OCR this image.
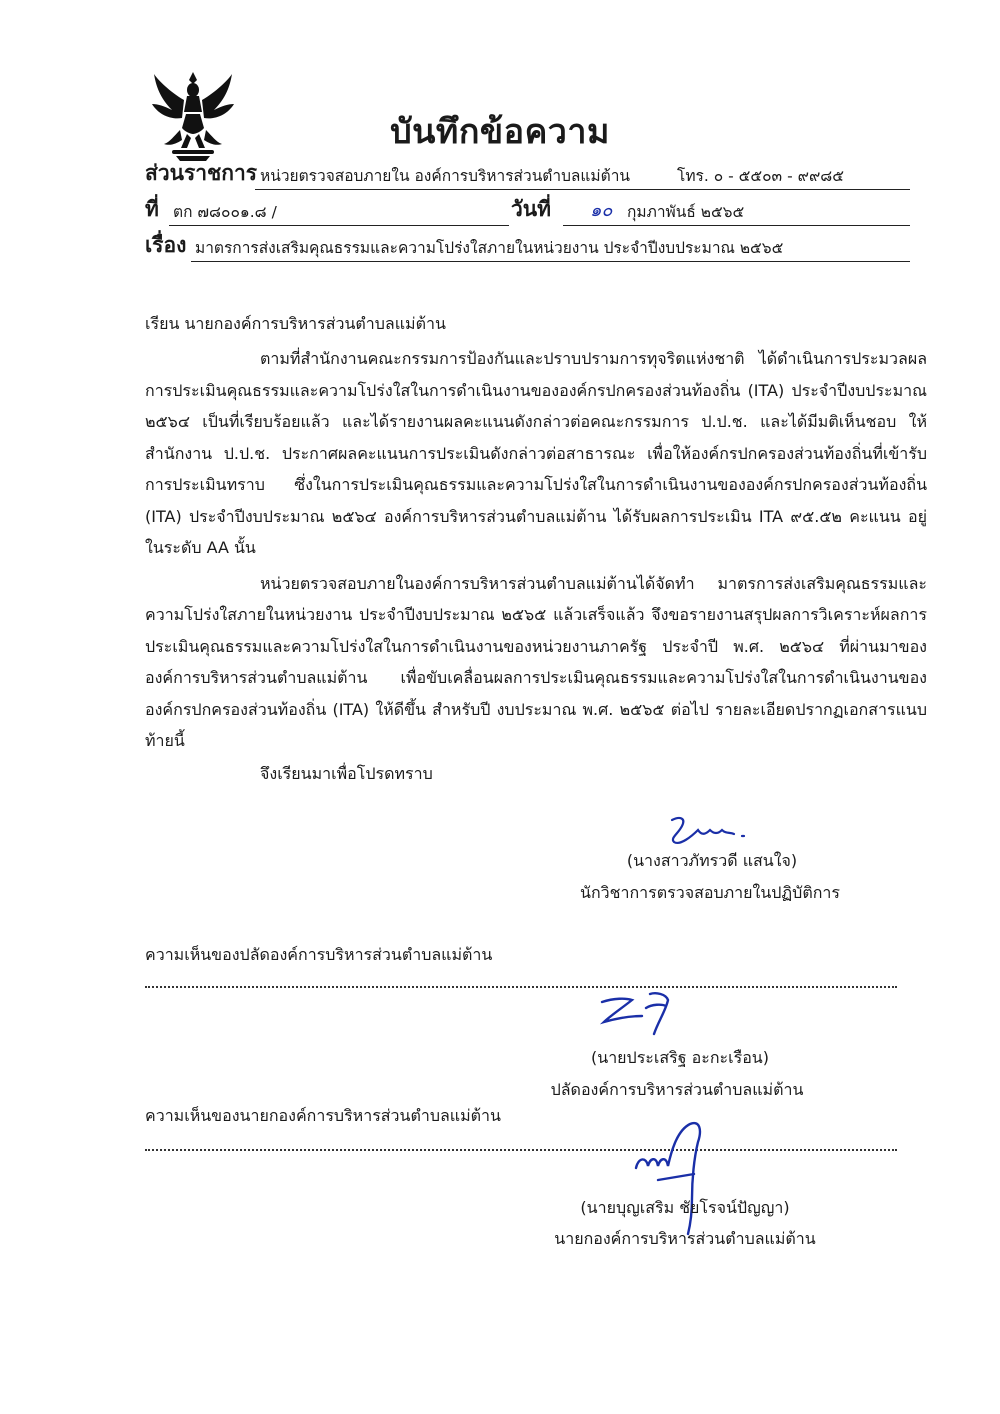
บันทึกข้อความ
ส่วนราชการ หน่วยตรวจสอบภายใน องค์การบริหารส่วนตำบลแม่ต้าน	โทร. ๐ - ๕๕๐๓ - ๙๙๘๕
ที่ ตก ๗๘๐๐๑.๘ /	วันที่ ๑๐ กุมภาพันธ์ ๒๕๖๕
เรื่อง มาตรการส่งเสริมคุณธรรมและความโปร่งใสภายในหน่วยงาน ประจำปีงบประมาณ ๒๕๖๕
เรียน นายกองค์การบริหารส่วนตำบลแม่ต้าน

ตามที่สำนักงานคณะกรรมการป้องกันและปราบปรามการทุจริตแห่งชาติ ได้ดำเนินการประมวลผลการประเมินคุณธรรมและความโปร่งใสในการดำเนินงานขององค์กรปกครองส่วนท้องถิ่น (ITA) ประจำปีงบประมาณ ๒๕๖๔ เป็นที่เรียบร้อยแล้ว และได้รายงานผลคะแนนดังกล่าวต่อคณะกรรมการ ป.ป.ช. และได้มีมติเห็นชอบ ให้สำนักงาน ป.ป.ช. ประกาศผลคะแนนการประเมินดังกล่าวต่อสาธารณะ เพื่อให้องค์กรปกครองส่วนท้องถิ่นที่เข้ารับการประเมินทราบ ซึ่งในการประเมินคุณธรรมและความโปร่งใสในการดำเนินงานขององค์กรปกครองส่วนท้องถิ่น (ITA) ประจำปีงบประมาณ ๒๕๖๔ องค์การบริหารส่วนตำบลแม่ต้าน ได้รับผลการประเมิน ITA ๙๕.๕๒ คะแนน อยู่ในระดับ AA นั้น

หน่วยตรวจสอบภายในองค์การบริหารส่วนตำบลแม่ต้านได้จัดทำ มาตรการส่งเสริมคุณธรรมและความโปร่งใสภายในหน่วยงาน ประจำปีงบประมาณ ๒๕๖๕ แล้วเสร็จแล้ว จึงขอรายงานสรุปผลการวิเคราะห์ผลการประเมินคุณธรรมและความโปร่งใสในการดำเนินงานของหน่วยงานภาครัฐ ประจำปี พ.ศ. ๒๕๖๔ ที่ผ่านมาขององค์การบริหารส่วนตำบลแม่ต้าน เพื่อขับเคลื่อนผลการประเมินคุณธรรมและความโปร่งใสในการดำเนินงานขององค์กรปกครองส่วนท้องถิ่น (ITA) ให้ดีขึ้น สำหรับปี งบประมาณ พ.ศ. ๒๕๖๕ ต่อไป รายละเอียดปรากฏเอกสารแนบท้ายนี้

จึงเรียนมาเพื่อโปรดทราบ
(นางสาวภัทรวดี แสนใจ)
นักวิชาการตรวจสอบภายในปฏิบัติการ
ความเห็นของปลัดองค์การบริหารส่วนตำบลแม่ต้าน
(นายประเสริฐ อะกะเรือน)
ปลัดองค์การบริหารส่วนตำบลแม่ต้าน
ความเห็นของนายกองค์การบริหารส่วนตำบลแม่ต้าน
(นายบุญเสริม ชัยโรจน์ปัญญา)
นายกองค์การบริหารส่วนตำบลแม่ต้าน
